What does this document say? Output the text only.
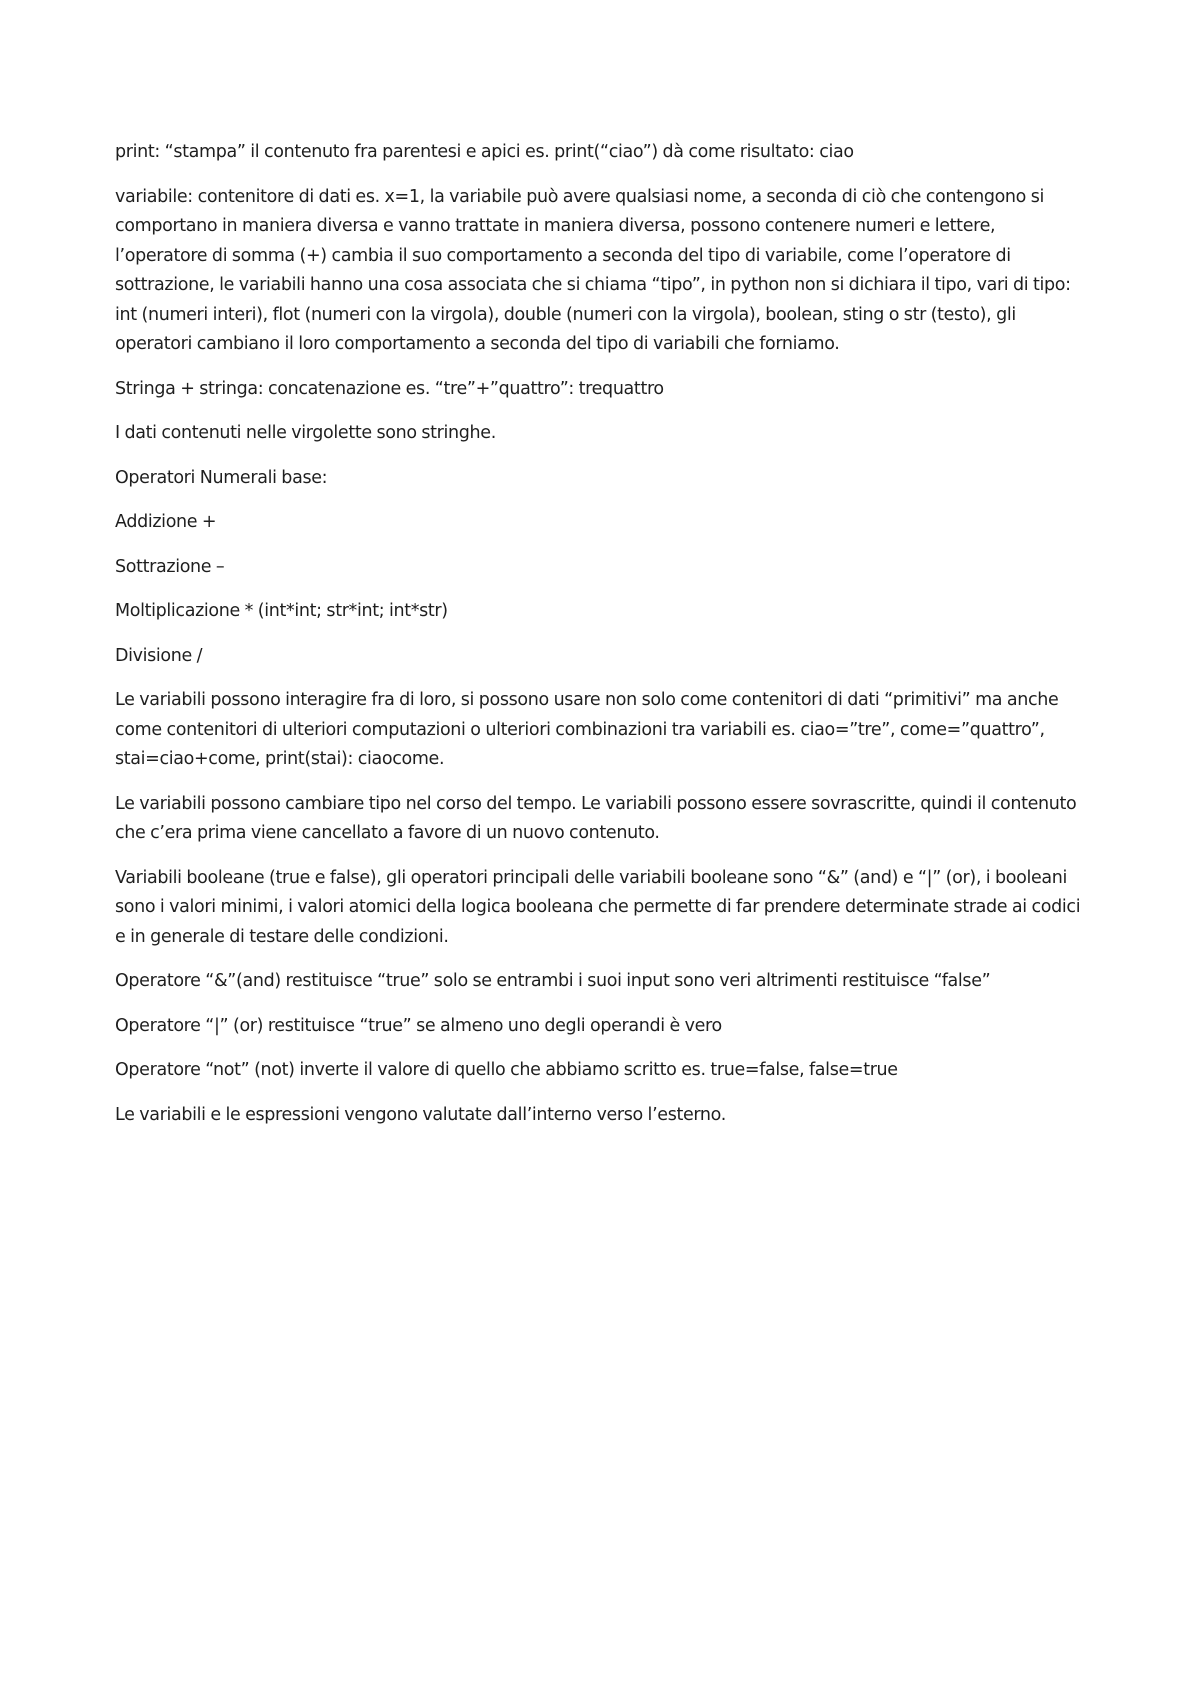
print: “stampa” il contenuto fra parentesi e apici es. print(“ciao”) dà come risultato: ciao

variabile: contenitore di dati es. x=1, la variabile può avere qualsiasi nome, a seconda di ciò che contengono si comportano in maniera diversa e vanno trattate in maniera diversa, possono contenere numeri e lettere, l’operatore di somma (+) cambia il suo comportamento a seconda del tipo di variabile, come l’operatore di sottrazione, le variabili hanno una cosa associata che si chiama “tipo”, in python non si dichiara il tipo, vari di tipo: int (numeri interi), flot (numeri con la virgola), double (numeri con la virgola), boolean, sting o str (testo), gli operatori cambiano il loro comportamento a seconda del tipo di variabili che forniamo.

Stringa + stringa: concatenazione es. “tre”+”quattro”: trequattro

I dati contenuti nelle virgolette sono stringhe.

Operatori Numerali base:

Addizione +

Sottrazione –

Moltiplicazione * (int*int; str*int; int*str)

Divisione /

Le variabili possono interagire fra di loro, si possono usare non solo come contenitori di dati “primitivi” ma anche come contenitori di ulteriori computazioni o ulteriori combinazioni tra variabili es. ciao=”tre”, come=”quattro”, stai=ciao+come, print(stai): ciaocome.

Le variabili possono cambiare tipo nel corso del tempo. Le variabili possono essere sovrascritte, quindi il contenuto che c’era prima viene cancellato a favore di un nuovo contenuto.

Variabili booleane (true e false), gli operatori principali delle variabili booleane sono “&” (and) e “|” (or), i booleani sono i valori minimi, i valori atomici della logica booleana che permette di far prendere determinate strade ai codici e in generale di testare delle condizioni.

Operatore “&”(and) restituisce “true” solo se entrambi i suoi input sono veri altrimenti restituisce “false”

Operatore “|” (or) restituisce “true” se almeno uno degli operandi è vero

Operatore “not” (not) inverte il valore di quello che abbiamo scritto es. true=false, false=true

Le variabili e le espressioni vengono valutate dall’interno verso l’esterno.
